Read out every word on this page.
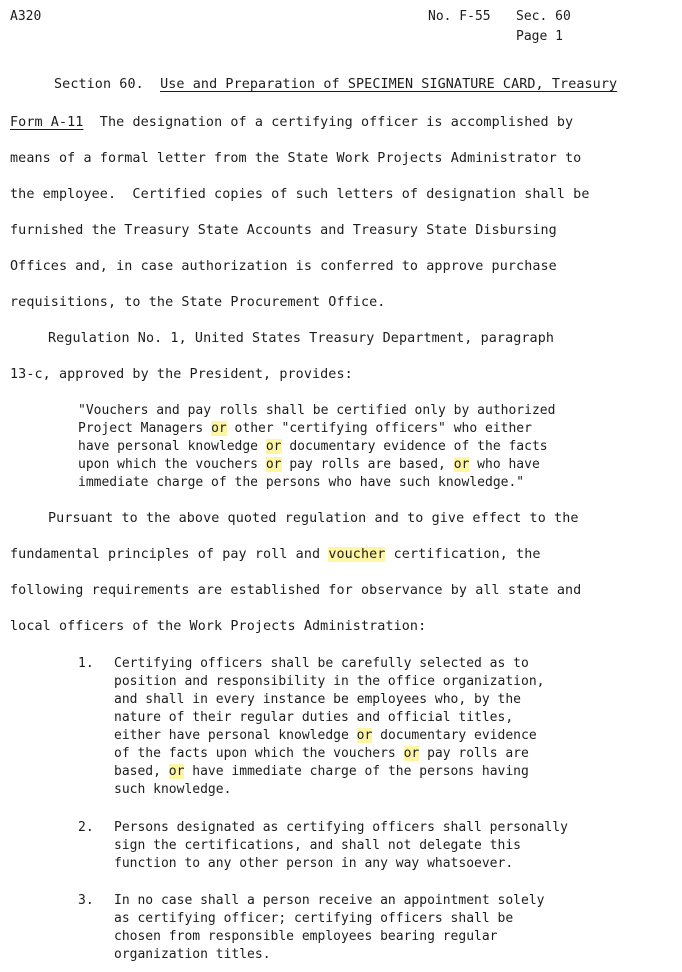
A320	No. F-55 Sec. 60
Page 1
Section 60. Use and Preparation of SPECIMEN SIGNATURE CARD, Treasury
Form A-11 The designation of a certifying officer is accomplished by
means of a formal letter from the State Work Projects Administrator to
the employee.  Certified copies of such letters of designation shall be
furnished the Treasury State Accounts and Treasury State Disbursing
Offices and, in case authorization is conferred to approve purchase
requisitions, to the State Procurement Office.
Regulation No. 1, United States Treasury Department, paragraph
13-c, approved by the President, provides:
"Vouchers and pay rolls shall be certified only by authorized
Project Managers or other "certifying officers" who either
have personal knowledge or documentary evidence of the facts
upon which the vouchers or pay rolls are based, or who have
immediate charge of the persons who have such knowledge."
Pursuant to the above quoted regulation and to give effect to the
fundamental principles of pay roll and voucher certification, the
following requirements are established for observance by all state and
local officers of the Work Projects Administration:
1. Certifying officers shall be carefully selected as to
position and responsibility in the office organization,
and shall in every instance be employees who, by the
nature of their regular duties and official titles,
either have personal knowledge or documentary evidence
of the facts upon which the vouchers or pay rolls are
based, or have immediate charge of the persons having
such knowledge.
2. Persons designated as certifying officers shall personally
sign the certifications, and shall not delegate this
function to any other person in any way whatsoever.
3. In no case shall a person receive an appointment solely
as certifying officer; certifying officers shall be
chosen from responsible employees bearing regular
organization titles.
